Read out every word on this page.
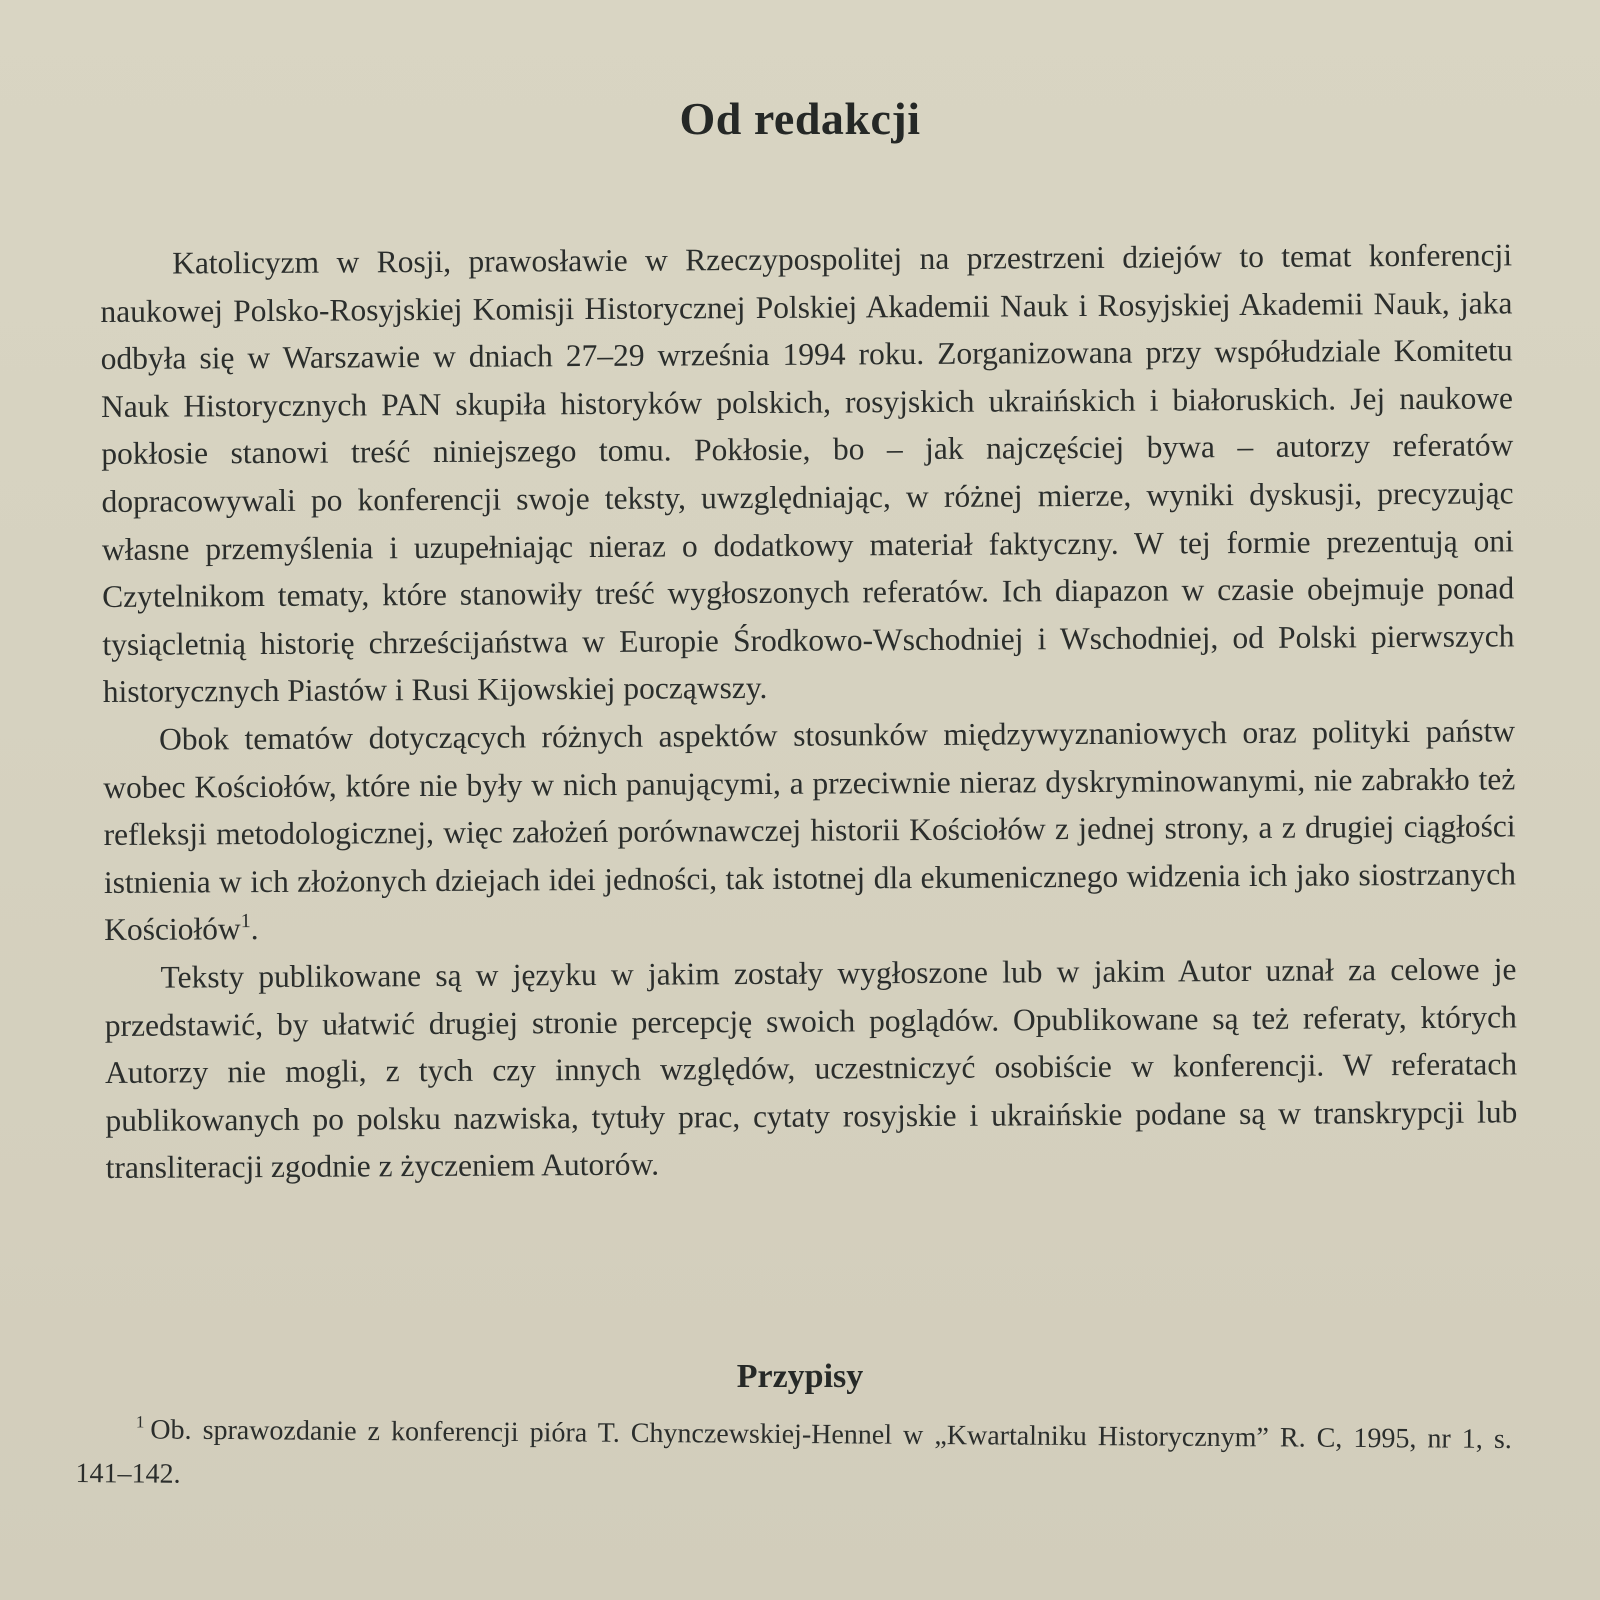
Od redakcji

Katolicyzm w Rosji, prawosławie w Rzeczypospolitej na przestrzeni dziejów to temat konferencji naukowej Polsko-Rosyjskiej Komisji Historycznej Polskiej Akademii Nauk i Rosyjskiej Akademii Nauk, jaka odbyła się w Warszawie w dniach 27–29 września 1994 roku. Zorganizowana przy współudziale Komitetu Nauk Historycznych PAN skupiła historyków polskich, rosyjskich ukraińskich i białoruskich. Jej naukowe pokłosie stanowi treść niniejszego tomu. Pokłosie, bo – jak najczęściej bywa – autorzy referatów dopracowywali po konferencji swoje teksty, uwzględniając, w różnej mierze, wyniki dyskusji, precyzując własne przemyślenia i uzupełniając nieraz o dodatkowy materiał faktyczny. W tej formie prezentują oni Czytelnikom tematy, które stanowiły treść wygłoszonych referatów. Ich diapazon w czasie obejmuje ponad tysiącletnią historię chrześcijaństwa w Europie Środkowo-Wschodniej i Wschodniej, od Polski pierwszych historycznych Piastów i Rusi Kijowskiej począwszy.

Obok tematów dotyczących różnych aspektów stosunków międzywyznaniowych oraz polityki państw wobec Kościołów, które nie były w nich panującymi, a przeciwnie nieraz dyskryminowanymi, nie zabrakło też refleksji metodologicznej, więc założeń porównawczej historii Kościołów z jednej strony, a z drugiej ciągłości istnienia w ich złożonych dziejach idei jedności, tak istotnej dla ekumenicznego widzenia ich jako siostrzanych Kościołów$^1$.

Teksty publikowane są w języku w jakim zostały wygłoszone lub w jakim Autor uznał za celowe je przedstawić, by ułatwić drugiej stronie percepcję swoich poglądów. Opublikowane są też referaty, których Autorzy nie mogli, z tych czy innych względów, uczestniczyć osobiście w konferencji. W referatach publikowanych po polsku nazwiska, tytuły prac, cytaty rosyjskie i ukraińskie podane są w transkrypcji lub transliteracji zgodnie z życzeniem Autorów.

Przypisy
$^1$ Ob. sprawozdanie z konferencji pióra T. Chynczewskiej-Hennel w „Kwartalniku Historycznym” R. C, 1995, nr 1, s. 141–142.
